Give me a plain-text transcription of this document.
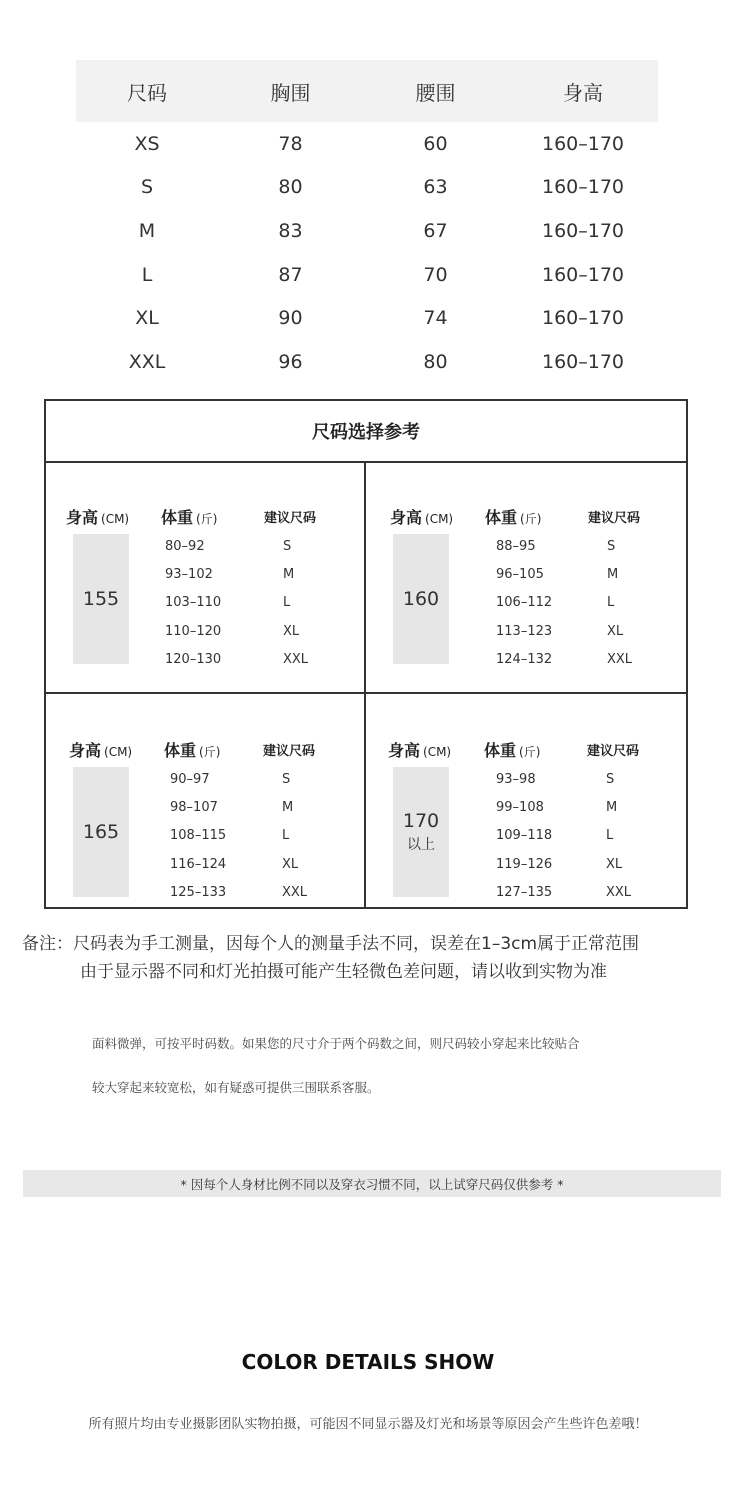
尺码	胸围	腰围	身高
XS	78	60	160–170
S	80	63	160–170
M	83	67	160–170
L	87	70	160–170
XL	90	74	160–170
XXL	96	80	160–170
尺码选择参考
身高 (CM) 体重 (斤)	建议尺码
155
80–92	S
93–102	M
103–110	L
110–120	XL
120–130	XXL
身高 (CM) 体重 (斤)	建议尺码
160
88–95	S
96–105	M
106–112	L
113–123	XL
124–132	XXL
身高 (CM) 体重 (斤)	建议尺码
165
90–97	S
98–107	M
108–115	L
116–124	XL
125–133	XXL
身高 (CM) 体重 (斤)	建议尺码
170
以上
93–98	S
99–108	M
109–118	L
119–126	XL
127–135	XXL
备注：尺码表为手工测量，因每个人的测量手法不同，误差在1–3cm属于正常范围
由于显示器不同和灯光拍摄可能产生轻微色差问题，请以收到实物为准
面料微弹，可按平时码数。如果您的尺寸介于两个码数之间，则尺码较小穿起来比较贴合
较大穿起来较宽松，如有疑惑可提供三围联系客服。
* 因每个人身材比例不同以及穿衣习惯不同，以上试穿尺码仅供参考 *
COLOR DETAILS SHOW
所有照片均由专业摄影团队实物拍摄，可能因不同显示器及灯光和场景等原因会产生些许色差哦！
